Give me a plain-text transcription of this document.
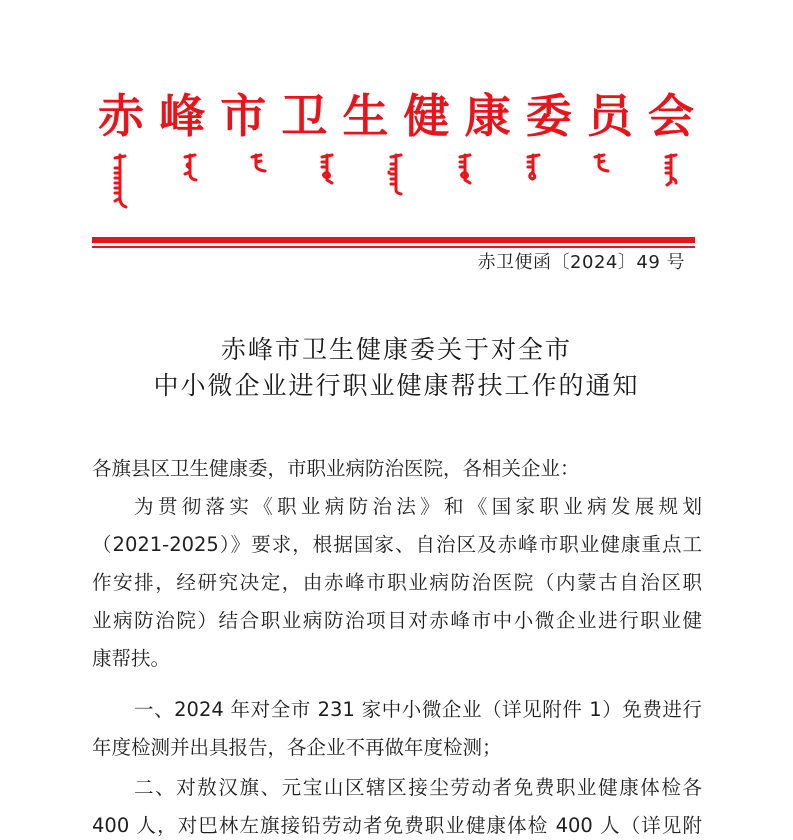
赤 峰 市 卫 生 健 康 委 员 会
赤卫便函〔2024〕49 号
赤峰市卫生健康委关于对全市
中小微企业进行职业健康帮扶工作的通知
各旗县区卫生健康委，市职业病防治医院，各相关企业：
为贯彻落实《职业病防治法》和《国家职业病发展规划
（2021-2025）》要求，根据国家、自治区及赤峰市职业健康重点工
作安排，经研究决定，由赤峰市职业病防治医院（内蒙古自治区职
业病防治院）结合职业病防治项目对赤峰市中小微企业进行职业健
康帮扶。
一、2024 年对全市 231 家中小微企业（详见附件 1）免费进行
年度检测并出具报告，各企业不再做年度检测；
二、对敖汉旗、元宝山区辖区接尘劳动者免费职业健康体检各
400 人，对巴林左旗接铅劳动者免费职业健康体检 400 人（详见附
